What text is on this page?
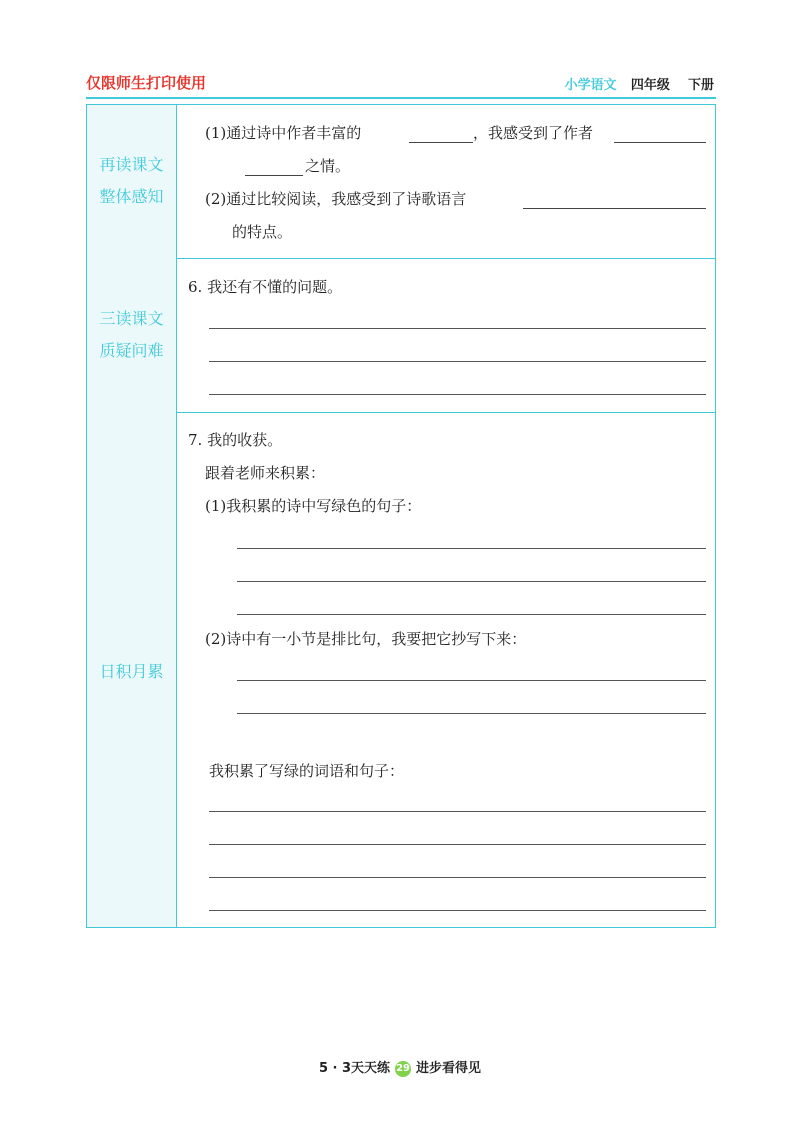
仅限师生打印使用	小学语文 四年级 下册
再读课文
整体感知
(1)通过诗中作者丰富的	，我感受到了作者
之情。
(2)通过比较阅读，我感受到了诗歌语言
的特点。
三读课文
质疑问难
6. 我还有不懂的问题。
日积月累
7. 我的收获。
跟着老师来积累：
(1)我积累的诗中写绿色的句子：
(2)诗中有一小节是排比句，我要把它抄写下来：
我积累了写绿的词语和句子：
5 · 3天天练 29 进步看得见
